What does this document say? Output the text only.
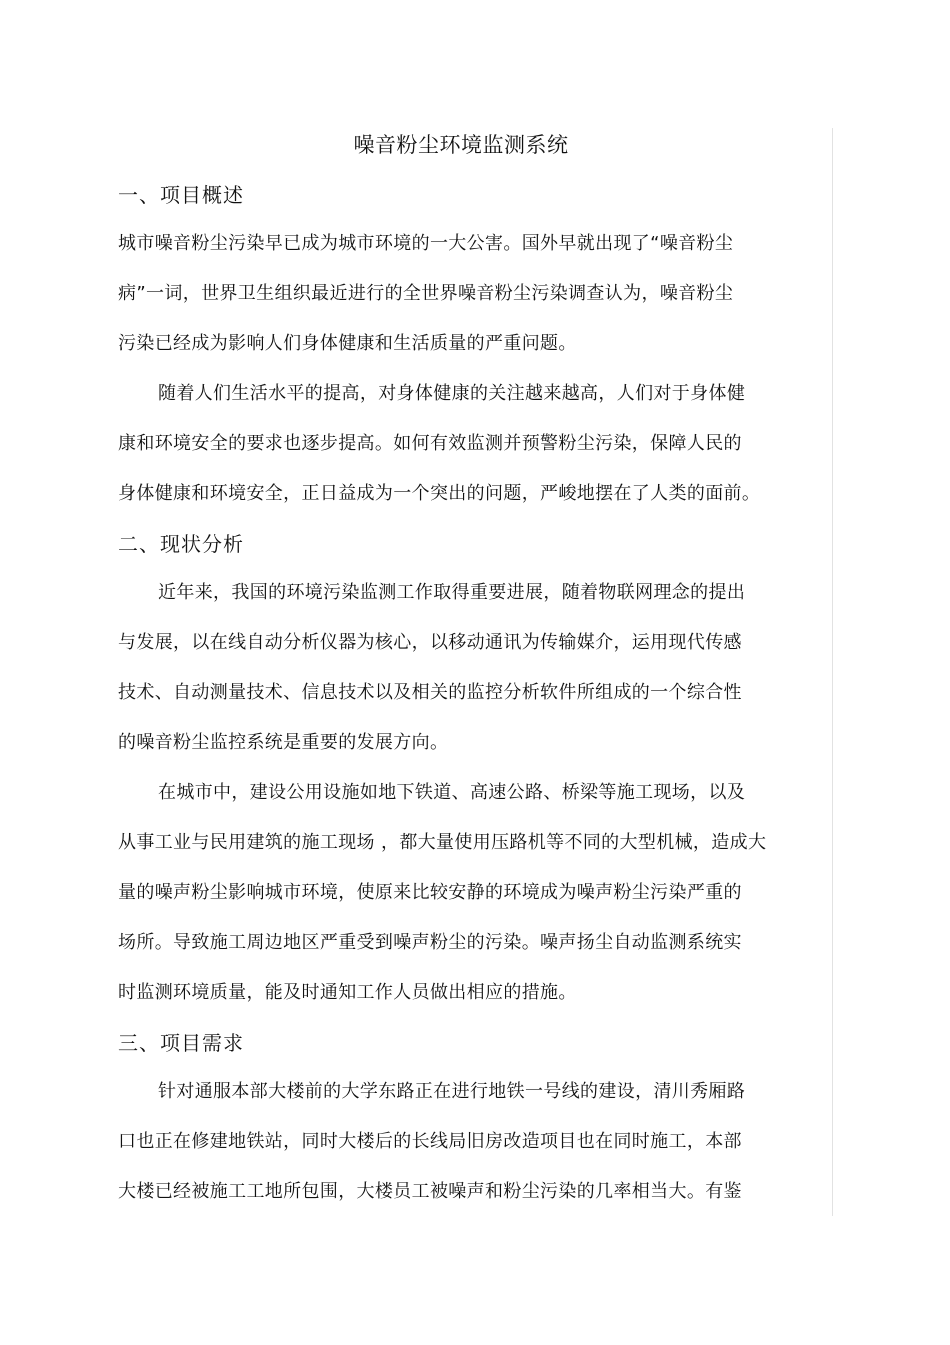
噪音粉尘环境监测系统
一、项目概述
城市噪音粉尘污染早已成为城市环境的一大公害。国外早就出现了“噪音粉尘
病”一词，世界卫生组织最近进行的全世界噪音粉尘污染调查认为，噪音粉尘
污染已经成为影响人们身体健康和生活质量的严重问题。
随着人们生活水平的提高，对身体健康的关注越来越高，人们对于身体健
康和环境安全的要求也逐步提高。如何有效监测并预警粉尘污染，保障人民的
身体健康和环境安全，正日益成为一个突出的问题，严峻地摆在了人类的面前。
二、现状分析
近年来，我国的环境污染监测工作取得重要进展，随着物联网理念的提出
与发展，以在线自动分析仪器为核心，以移动通讯为传输媒介，运用现代传感
技术、自动测量技术、信息技术以及相关的监控分析软件所组成的一个综合性
的噪音粉尘监控系统是重要的发展方向。
在城市中，建设公用设施如地下铁道、高速公路、桥梁等施工现场，以及
从事工业与民用建筑的施工现场 ，都大量使用压路机等不同的大型机械，造成大
量的噪声粉尘影响城市环境，使原来比较安静的环境成为噪声粉尘污染严重的
场所。导致施工周边地区严重受到噪声粉尘的污染。噪声扬尘自动监测系统实
时监测环境质量，能及时通知工作人员做出相应的措施。
三、项目需求
针对通服本部大楼前的大学东路正在进行地铁一号线的建设，清川秀厢路
口也正在修建地铁站，同时大楼后的长线局旧房改造项目也在同时施工，本部
大楼已经被施工工地所包围，大楼员工被噪声和粉尘污染的几率相当大。有鉴
